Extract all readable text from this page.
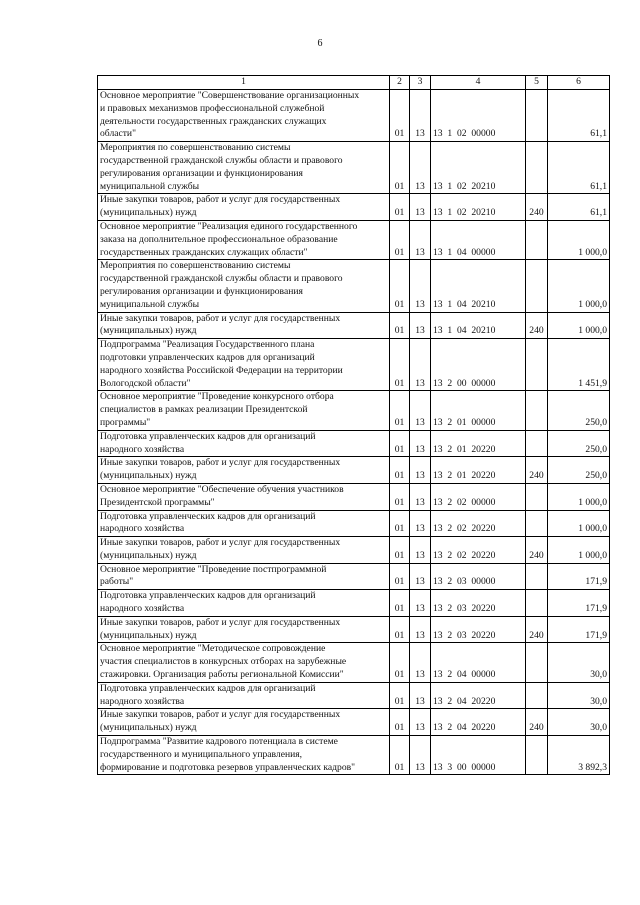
6
1	2	3	4	5	6
Основное мероприятие "Совершенствование организационных
и правовых механизмов профессиональной служебной
деятельности государственных гражданских служащих
области"	01	13	13  1  02  00000		61,1
Мероприятия по совершенствованию системы
государственной гражданской службы области и правового
регулирования организации и функционирования
муниципальной службы	01	13	13  1  02  20210		61,1
Иные закупки товаров, работ и услуг для государственных
(муниципальных) нужд	01	13	13  1  02  20210	240	61,1
Основное мероприятие "Реализация единого государственного
заказа на дополнительное профессиональное образование
государственных гражданских служащих области"	01	13	13  1  04  00000		1 000,0
Мероприятия по совершенствованию системы
государственной гражданской службы области и правового
регулирования организации и функционирования
муниципальной службы	01	13	13  1  04  20210		1 000,0
Иные закупки товаров, работ и услуг для государственных
(муниципальных) нужд	01	13	13  1  04  20210	240	1 000,0
Подпрограмма "Реализация Государственного плана
подготовки управленческих кадров для организаций
народного хозяйства Российской Федерации на территории
Вологодской области"	01	13	13  2  00  00000		1 451,9
Основное мероприятие "Проведение конкурсного отбора
специалистов в рамках реализации Президентской
программы"	01	13	13  2  01  00000		250,0
Подготовка управленческих кадров для организаций
народного хозяйства	01	13	13  2  01  20220		250,0
Иные закупки товаров, работ и услуг для государственных
(муниципальных) нужд	01	13	13  2  01  20220	240	250,0
Основное мероприятие "Обеспечение обучения участников
Президентской программы"	01	13	13  2  02  00000		1 000,0
Подготовка управленческих кадров для организаций
народного хозяйства	01	13	13  2  02  20220		1 000,0
Иные закупки товаров, работ и услуг для государственных
(муниципальных) нужд	01	13	13  2  02  20220	240	1 000,0
Основное мероприятие "Проведение постпрограммной
работы"	01	13	13  2  03  00000		171,9
Подготовка управленческих кадров для организаций
народного хозяйства	01	13	13  2  03  20220		171,9
Иные закупки товаров, работ и услуг для государственных
(муниципальных) нужд	01	13	13  2  03  20220	240	171,9
Основное мероприятие "Методическое сопровождение
участия специалистов в конкурсных отборах на зарубежные
стажировки. Организация работы региональной Комиссии"	01	13	13  2  04  00000		30,0
Подготовка управленческих кадров для организаций
народного хозяйства	01	13	13  2  04  20220		30,0
Иные закупки товаров, работ и услуг для государственных
(муниципальных) нужд	01	13	13  2  04  20220	240	30,0
Подпрограмма "Развитие кадрового потенциала в системе
государственного и муниципального управления,
формирование и подготовка резервов управленческих кадров"	01	13	13  3  00  00000		3 892,3
